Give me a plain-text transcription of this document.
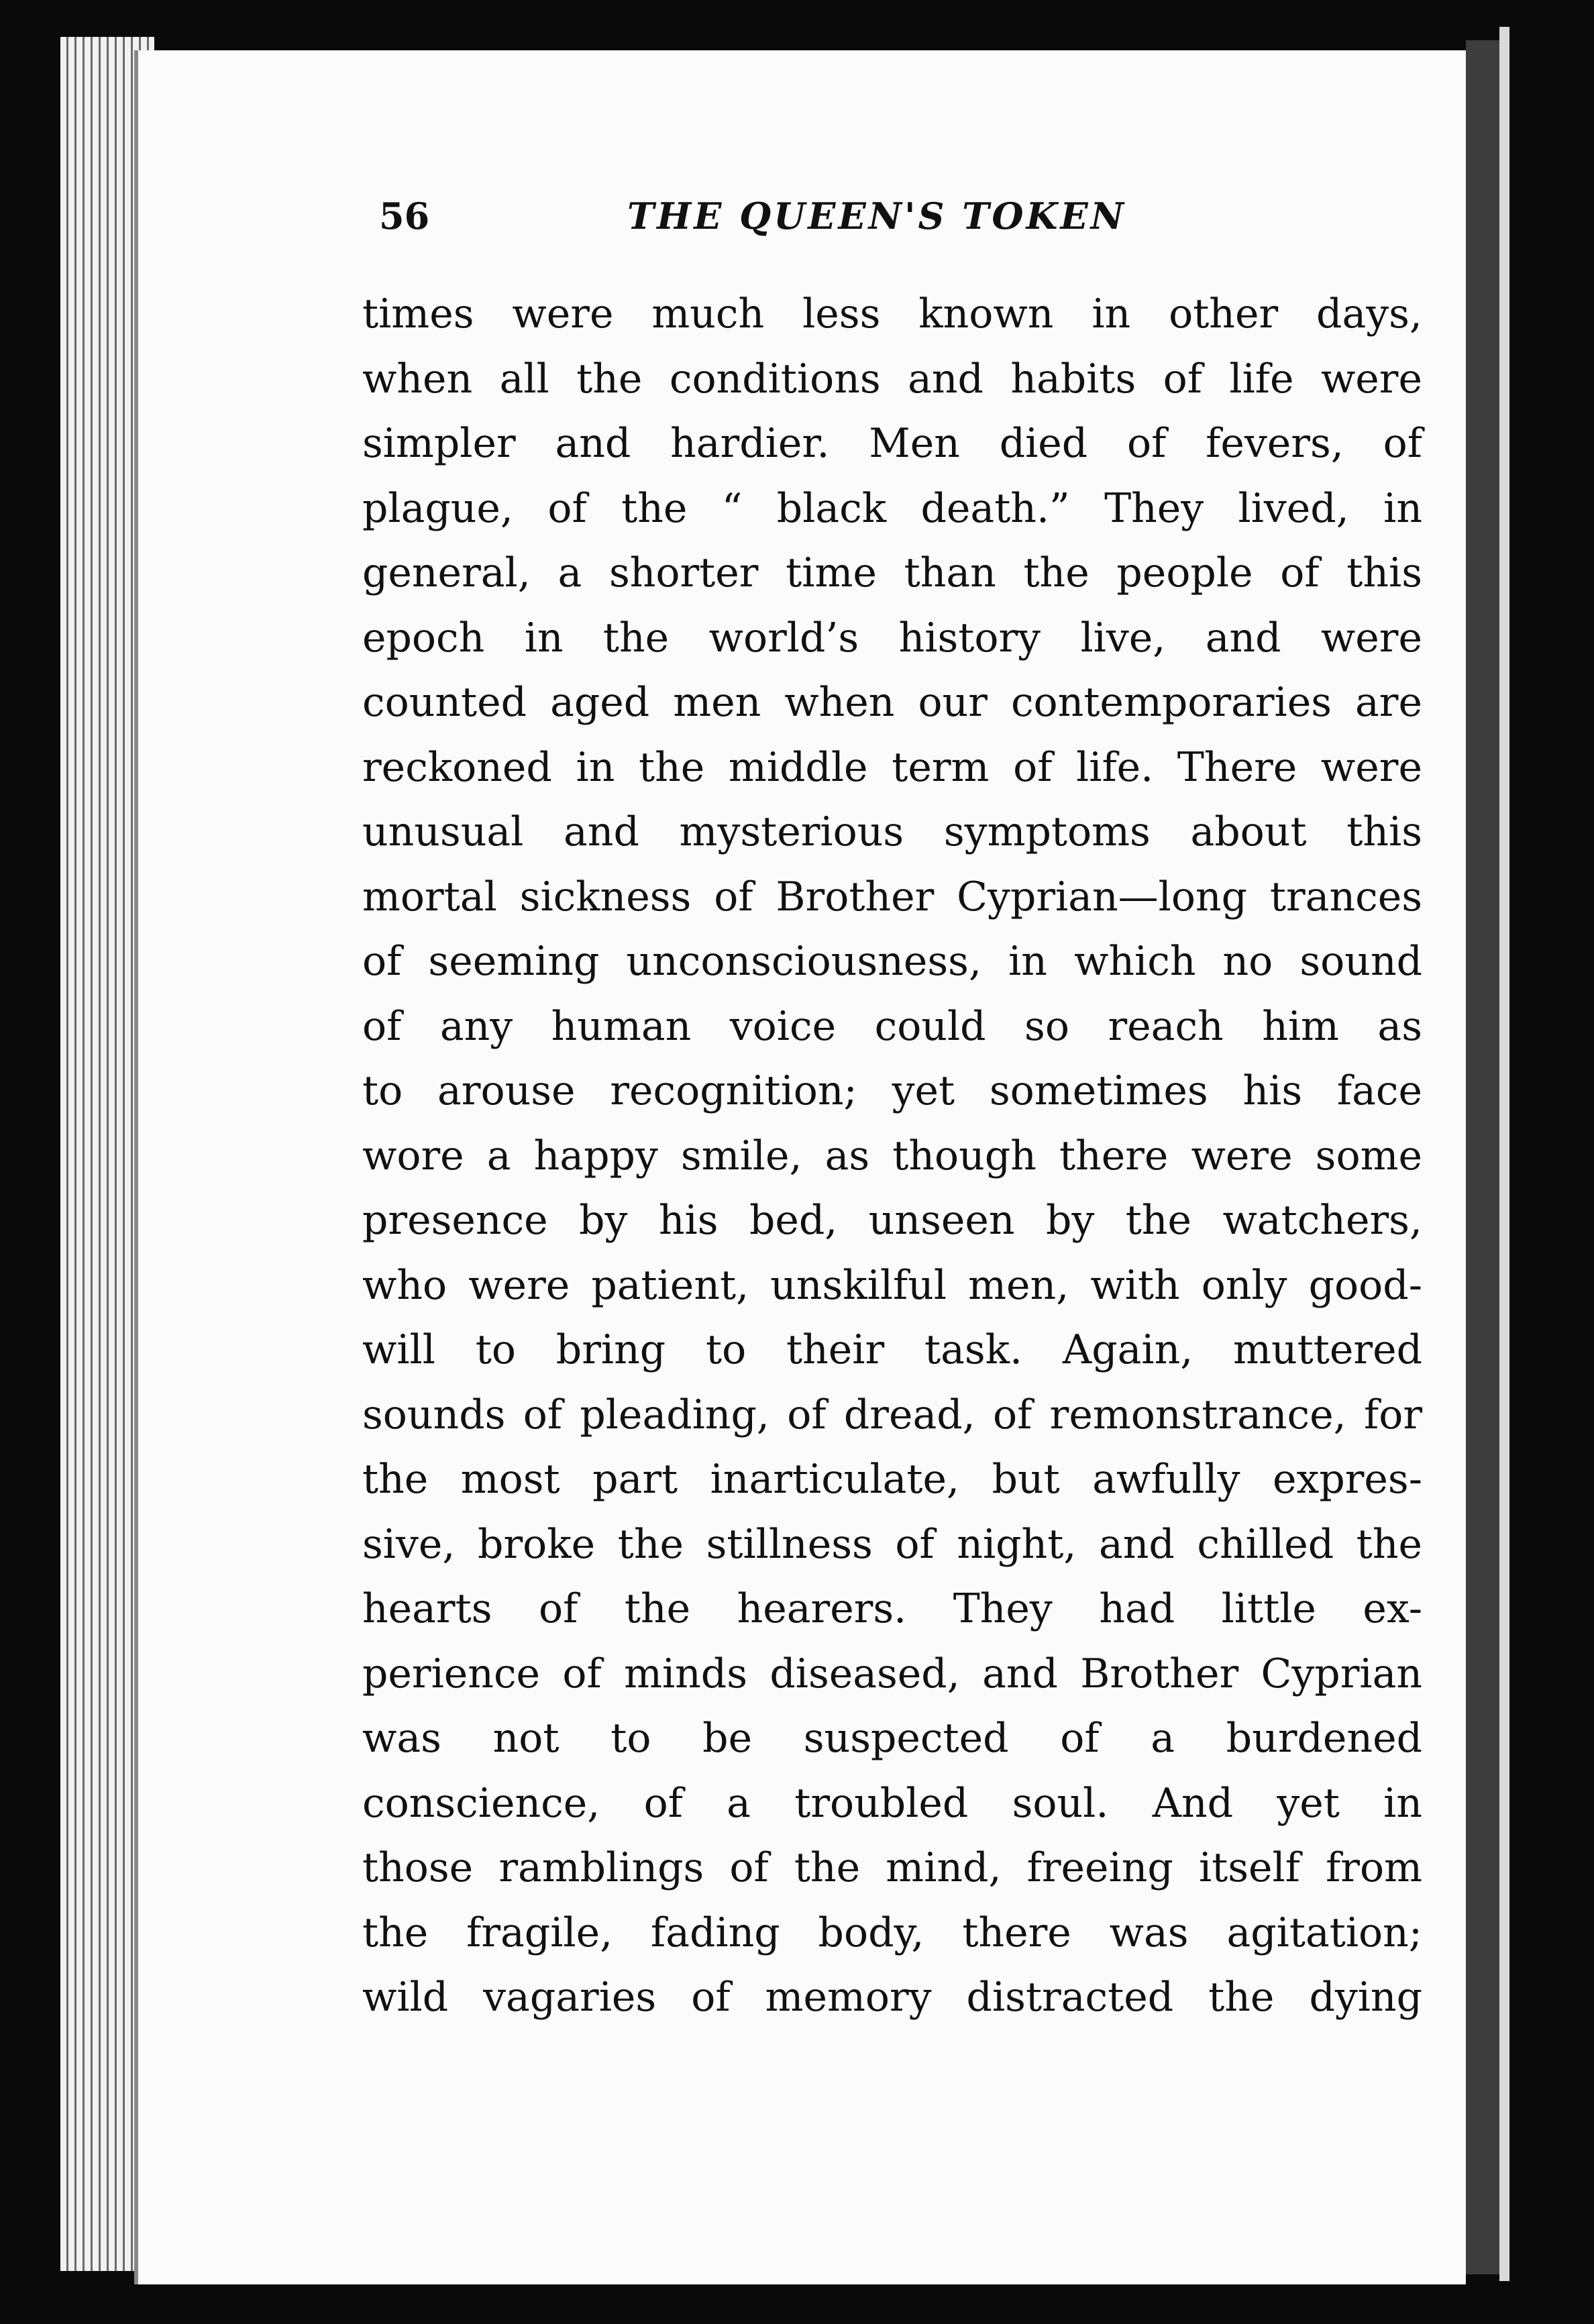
56	THE QUEEN'S TOKEN
times were much less known in other days,
when all the conditions and habits of life were
simpler and hardier. Men died of fevers, of
plague, of the “ black death.” They lived, in
general, a shorter time than the people of this
epoch in the world’s history live, and were
counted aged men when our contemporaries are
reckoned in the middle term of life. There were
unusual and mysterious symptoms about this
mortal sickness of Brother Cyprian—long trances
of seeming unconsciousness, in which no sound
of any human voice could so reach him as
to arouse recognition; yet sometimes his face
wore a happy smile, as though there were some
presence by his bed, unseen by the watchers,
who were patient, unskilful men, with only good-
will to bring to their task. Again, muttered
sounds of pleading, of dread, of remonstrance, for
the most part inarticulate, but awfully expres-
sive, broke the stillness of night, and chilled the
hearts of the hearers. They had little ex-
perience of minds diseased, and Brother Cyprian
was not to be suspected of a burdened
conscience, of a troubled soul. And yet in
those ramblings of the mind, freeing itself from
the fragile, fading body, there was agitation;
wild vagaries of memory distracted the dying
